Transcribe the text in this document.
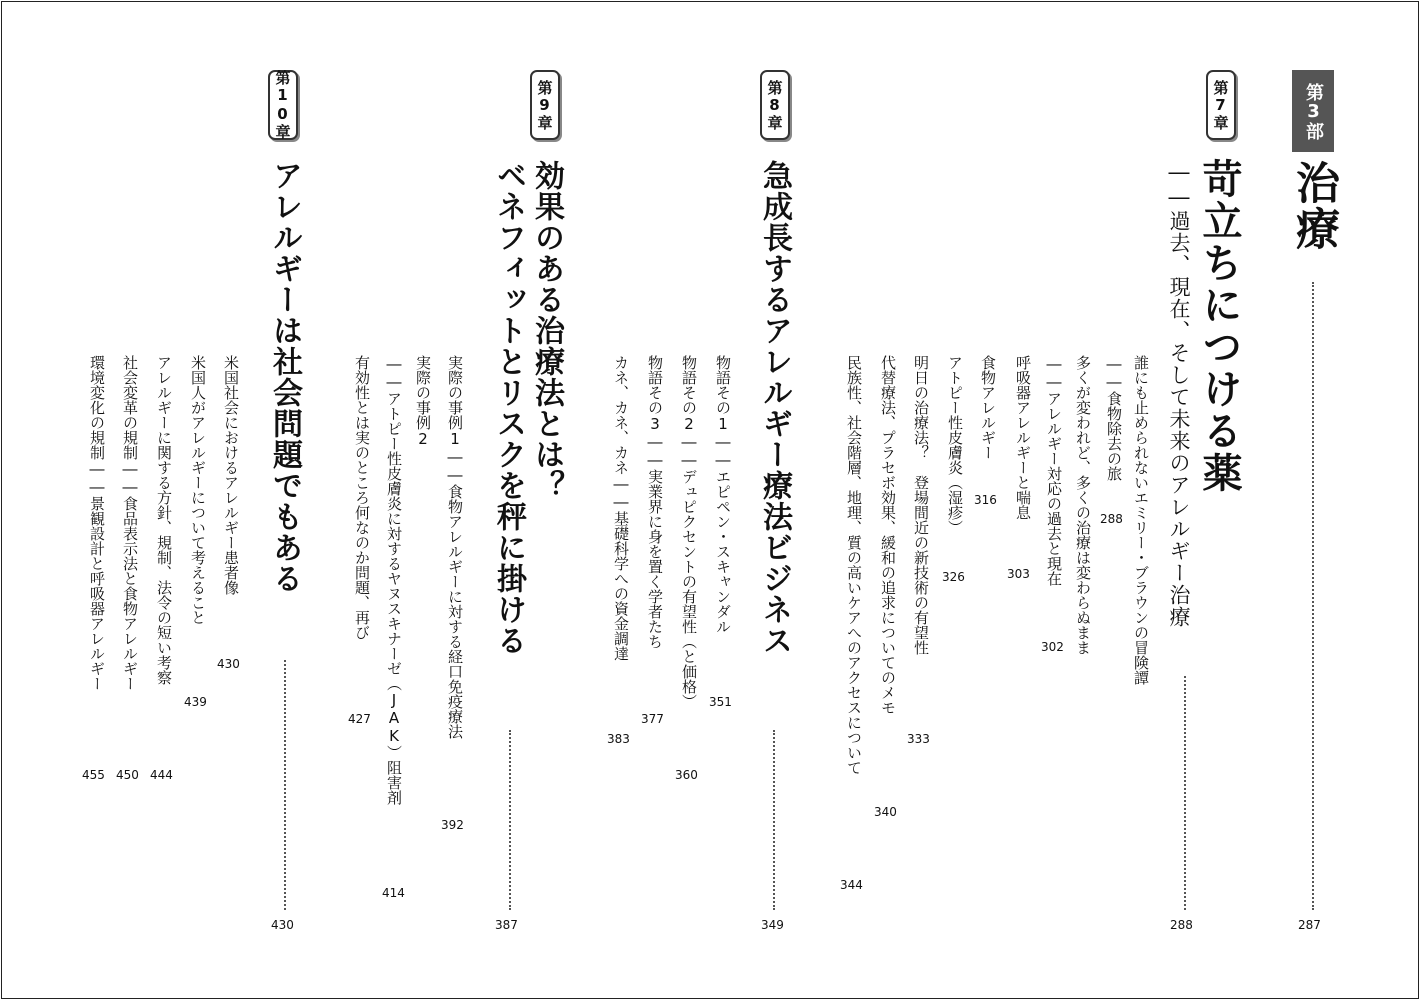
第3部
治療
287
第7章
苛立ちにつける薬
――過去、現在、そして未来のアレルギー治療
288
誰にも止められないエミリー・ブラウンの冒険譚
――食物除去の旅
288
多くが変われど、多くの治療は変わらぬまま
――アレルギー対応の過去と現在
302
呼吸器アレルギーと喘息
303
食物アレルギー
316
アトピー性皮膚炎（湿疹）
326
明日の治療法？　登場間近の新技術の有望性
333
代替療法、プラセボ効果、緩和の追求についてのメモ
340
民族性、社会階層、地理、質の高いケアへのアクセスについて
344
第8章
急成長するアレルギー療法ビジネス
349
物語その1――エピペン・スキャンダル
351
物語その2――デュピクセントの有望性（と価格）
360
物語その3――実業界に身を置く学者たち
377
カネ、カネ、カネ――基礎科学への資金調達
383
第9章
効果のある治療法とは？
ベネフィットとリスクを秤に掛ける
387
実際の事例1――食物アレルギーに対する経口免疫療法
392
実際の事例2
――アトピー性皮膚炎に対するヤヌスキナーゼ（JAK）阻害剤
414
有効性とは実のところ何なのか問題、再び
427
第10章
アレルギーは社会問題でもある
430
米国社会におけるアレルギー患者像
430
米国人がアレルギーについて考えること
439
アレルギーに関する方針、規制、法令の短い考察
444
社会変革の規制――食品表示法と食物アレルギー
450
環境変化の規制――景観設計と呼吸器アレルギー
455
